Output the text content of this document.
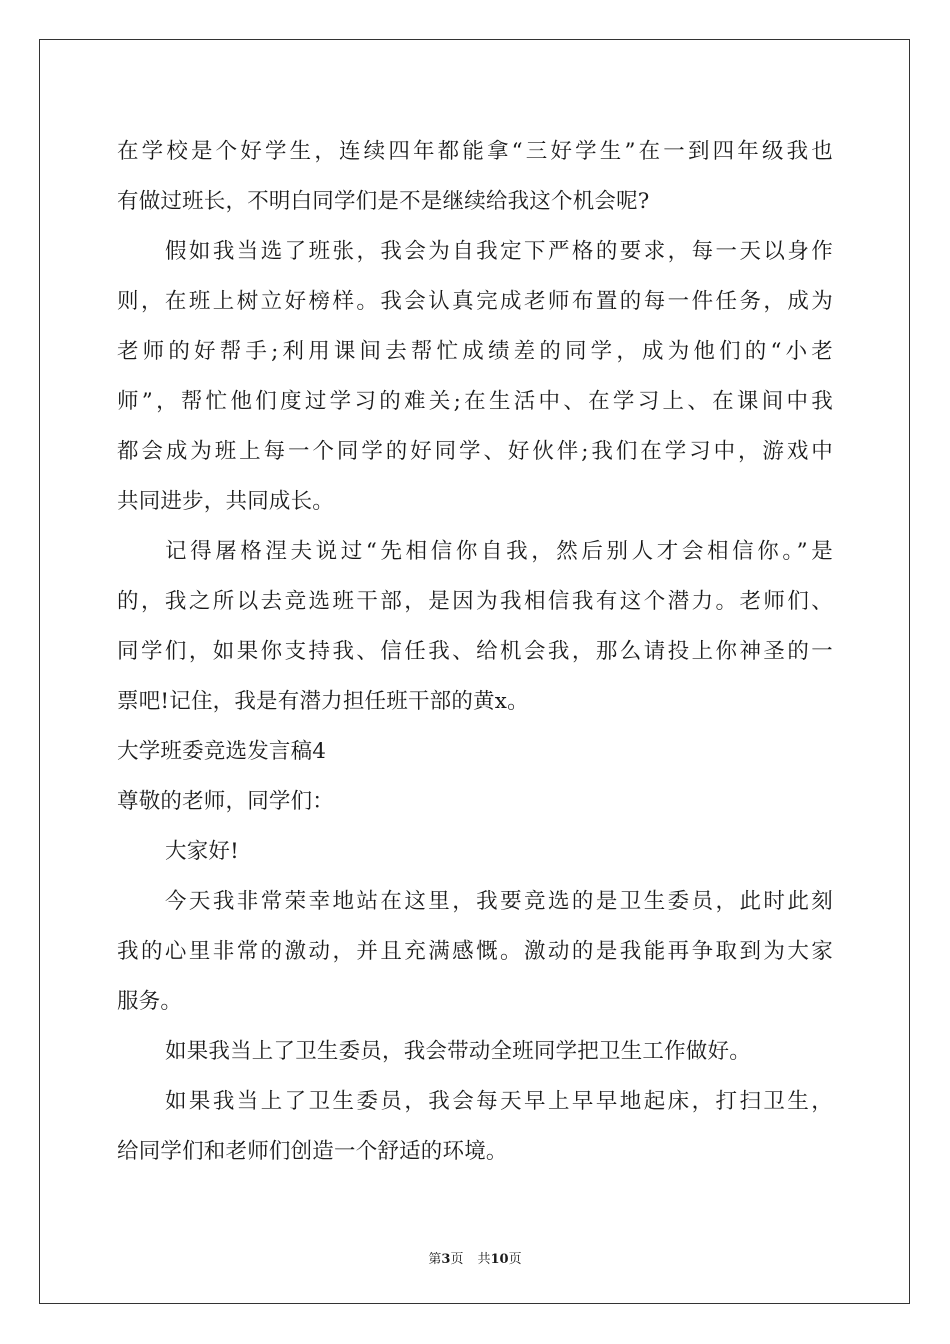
在学校是个好学生，连续四年都能拿“三好学生”在一到四年级我也
有做过班长，不明白同学们是不是继续给我这个机会呢?
假如我当选了班张，我会为自我定下严格的要求，每一天以身作
则，在班上树立好榜样。我会认真完成老师布置的每一件任务，成为
老师的好帮手;利用课间去帮忙成绩差的同学，成为他们的“小老
师”，帮忙他们度过学习的难关;在生活中、在学习上、在课间中我
都会成为班上每一个同学的好同学、好伙伴;我们在学习中，游戏中
共同进步，共同成长。
记得屠格涅夫说过“先相信你自我，然后别人才会相信你。”是
的，我之所以去竞选班干部，是因为我相信我有这个潜力。老师们、
同学们，如果你支持我、信任我、给机会我，那么请投上你神圣的一
票吧!记住，我是有潜力担任班干部的黄x。
大学班委竞选发言稿4
尊敬的老师，同学们：
大家好!
今天我非常荣幸地站在这里，我要竞选的是卫生委员，此时此刻
我的心里非常的激动，并且充满感慨。激动的是我能再争取到为大家
服务。
如果我当上了卫生委员，我会带动全班同学把卫生工作做好。
如果我当上了卫生委员，我会每天早上早早地起床，打扫卫生，
给同学们和老师们创造一个舒适的环境。
第3页 共10页
